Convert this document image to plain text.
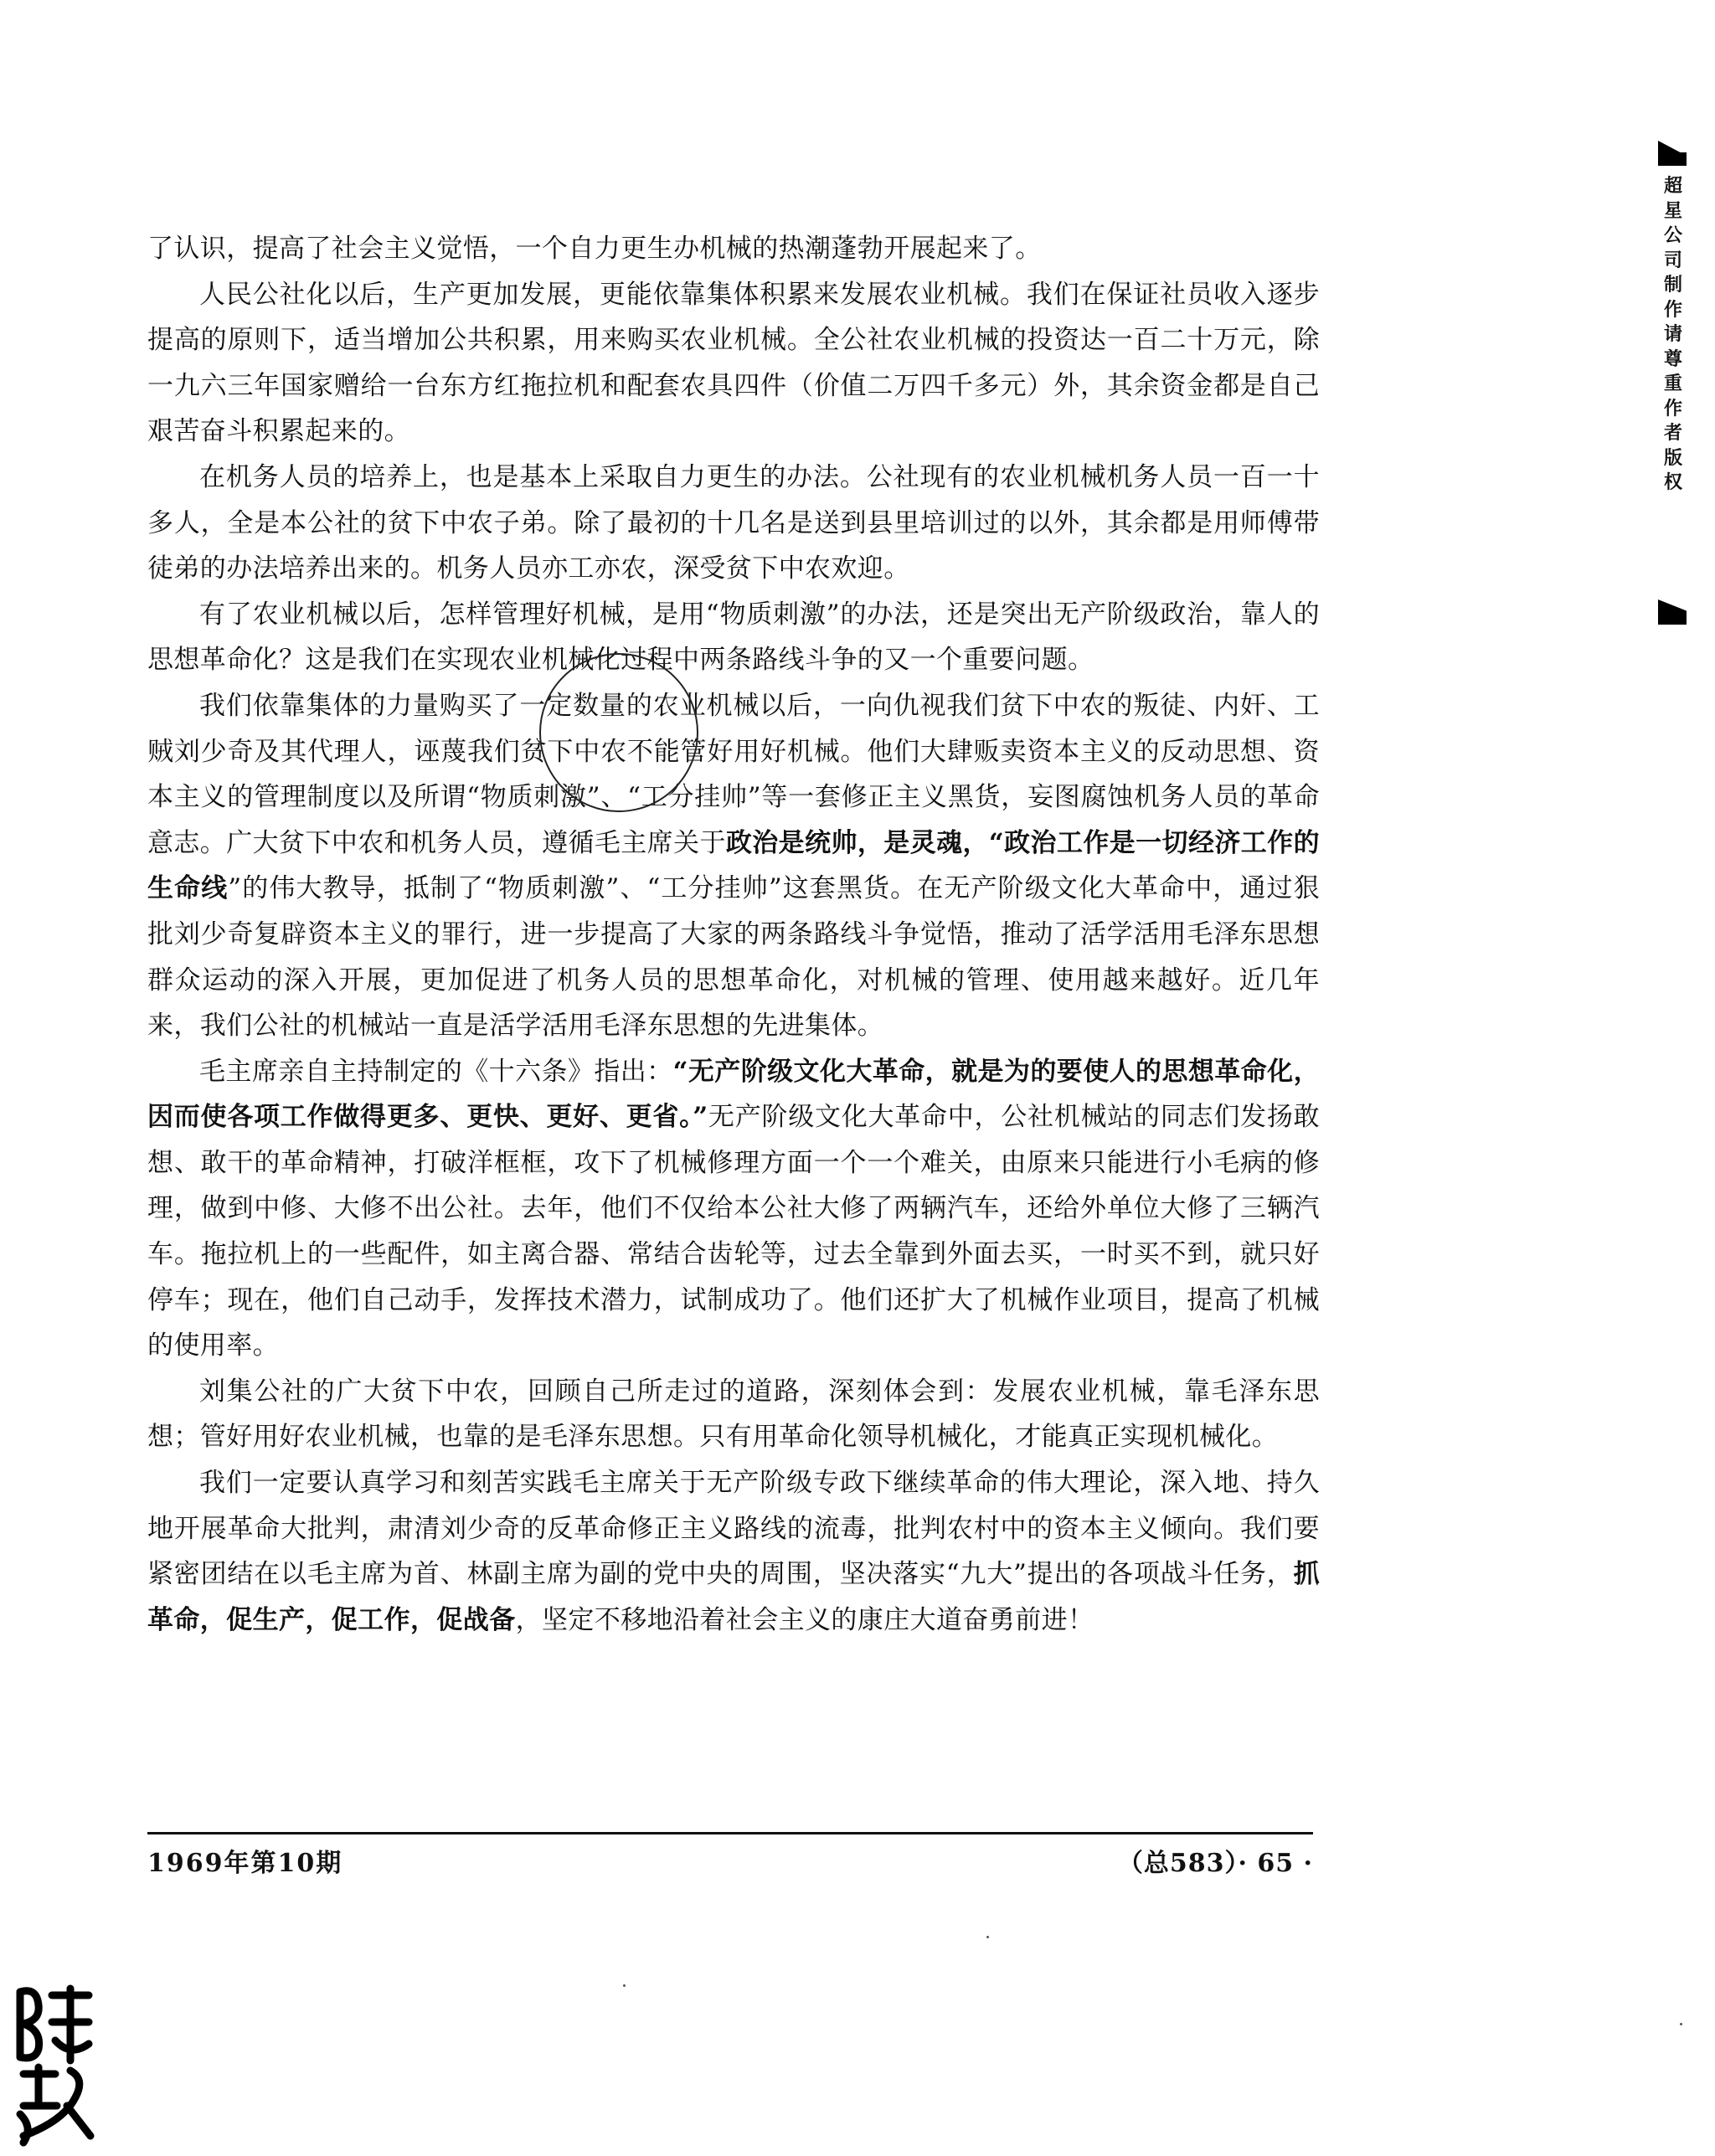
了认识，提高了社会主义觉悟，一个自力更生办机械的热潮蓬勃开展起来了。

人民公社化以后，生产更加发展，更能依靠集体积累来发展农业机械。我们在保证社员收入逐步提高的原则下，适当增加公共积累，用来购买农业机械。全公社农业机械的投资达一百二十万元，除一九六三年国家赠给一台东方红拖拉机和配套农具四件（价值二万四千多元）外，其余资金都是自己艰苦奋斗积累起来的。

在机务人员的培养上，也是基本上采取自力更生的办法。公社现有的农业机械机务人员一百一十多人，全是本公社的贫下中农子弟。除了最初的十几名是送到县里培训过的以外，其余都是用师傅带徒弟的办法培养出来的。机务人员亦工亦农，深受贫下中农欢迎。

有了农业机械以后，怎样管理好机械，是用“物质刺激”的办法，还是突出无产阶级政治，靠人的思想革命化？这是我们在实现农业机械化过程中两条路线斗争的又一个重要问题。

我们依靠集体的力量购买了一定数量的农业机械以后，一向仇视我们贫下中农的叛徒、内奸、工贼刘少奇及其代理人，诬蔑我们贫下中农不能管好用好机械。他们大肆贩卖资本主义的反动思想、资本主义的管理制度以及所谓“物质刺激”、“工分挂帅”等一套修正主义黑货，妄图腐蚀机务人员的革命意志。广大贫下中农和机务人员，遵循毛主席关于政治是统帅，是灵魂，“政治工作是一切经济工作的生命线”的伟大教导，抵制了“物质刺激”、“工分挂帅”这套黑货。在无产阶级文化大革命中，通过狠批刘少奇复辟资本主义的罪行，进一步提高了大家的两条路线斗争觉悟，推动了活学活用毛泽东思想群众运动的深入开展，更加促进了机务人员的思想革命化，对机械的管理、使用越来越好。近几年来，我们公社的机械站一直是活学活用毛泽东思想的先进集体。

毛主席亲自主持制定的《十六条》指出：“无产阶级文化大革命，就是为的要使人的思想革命化，因而使各项工作做得更多、更快、更好、更省。”无产阶级文化大革命中，公社机械站的同志们发扬敢想、敢干的革命精神，打破洋框框，攻下了机械修理方面一个一个难关，由原来只能进行小毛病的修理，做到中修、大修不出公社。去年，他们不仅给本公社大修了两辆汽车，还给外单位大修了三辆汽车。拖拉机上的一些配件，如主离合器、常结合齿轮等，过去全靠到外面去买，一时买不到，就只好停车；现在，他们自己动手，发挥技术潜力，试制成功了。他们还扩大了机械作业项目，提高了机械的使用率。

刘集公社的广大贫下中农，回顾自己所走过的道路，深刻体会到：发展农业机械，靠毛泽东思想；管好用好农业机械，也靠的是毛泽东思想。只有用革命化领导机械化，才能真正实现机械化。

我们一定要认真学习和刻苦实践毛主席关于无产阶级专政下继续革命的伟大理论，深入地、持久地开展革命大批判，肃清刘少奇的反革命修正主义路线的流毒，批判农村中的资本主义倾向。我们要紧密团结在以毛主席为首、林副主席为副的党中央的周围，坚决落实“九大”提出的各项战斗任务，抓革命，促生产，促工作，促战备，坚定不移地沿着社会主义的康庄大道奋勇前进！

1969年第10期	（总583）· 65 ·
超星公司制作请尊重作者版权
